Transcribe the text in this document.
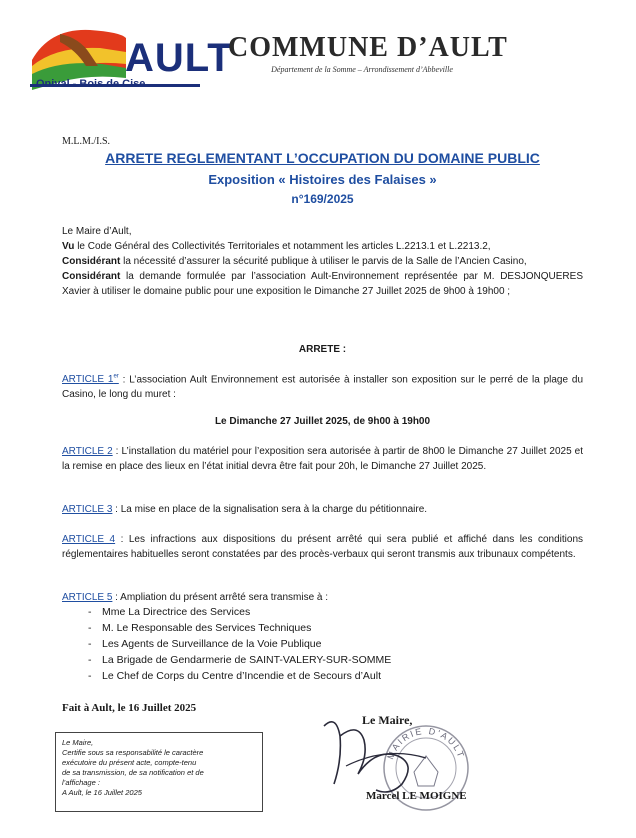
AULT
Onival - Bois de Cise
COMMUNE D’AULT
Département de la Somme – Arrondissement d’Abbeville
M.L.M./I.S.
ARRETE REGLEMENTANT L’OCCUPATION DU DOMAINE PUBLIC
Exposition « Histoires des Falaises »
n°169/2025
Le Maire d’Ault,
Vu le Code Général des Collectivités Territoriales et notamment les articles L.2213.1 et L.2213.2,
Considérant la nécessité d’assurer la sécurité publique à utiliser le parvis de la Salle de l’Ancien Casino,
Considérant la demande formulée par l’association Ault-Environnement représentée par M. DESJONQUERES Xavier à utiliser le domaine public pour une exposition le Dimanche 27 Juillet 2025 de 9h00 à 19h00 ;
ARRETE :
ARTICLE 1er : L’association Ault Environnement est autorisée à installer son exposition sur le perré de la plage du Casino, le long du muret :
Le Dimanche 27 Juillet 2025, de 9h00 à 19h00
ARTICLE 2 : L’installation du matériel pour l’exposition sera autorisée à partir de 8h00 le Dimanche 27 Juillet 2025 et la remise en place des lieux en l’état initial devra être fait pour 20h, le Dimanche 27 Juillet 2025.
ARTICLE 3 : La mise en place de la signalisation sera à la charge du pétitionnaire.
ARTICLE 4 : Les infractions aux dispositions du présent arrêté qui sera publié et affiché dans les conditions réglementaires habituelles seront constatées par des procès-verbaux qui seront transmis aux tribunaux compétents.
ARTICLE 5 : Ampliation du présent arrêté sera transmise à :
- Mme La Directrice des Services
- M. Le Responsable des Services Techniques
- Les Agents de Surveillance de la Voie Publique
- La Brigade de Gendarmerie de SAINT-VALERY-SUR-SOMME
- Le Chef de Corps du Centre d’Incendie et de Secours d’Ault
Fait à Ault, le 16 Juillet 2025
Le Maire,
Certifie sous sa responsabilité le caractère
exécutoire du présent acte, compte-tenu
de sa transmission, de sa notification et de
l’affichage :
A Ault, le 16 Juillet 2025
MAIRIE D'AULT
Le Maire,
Marcel LE MOIGNE
